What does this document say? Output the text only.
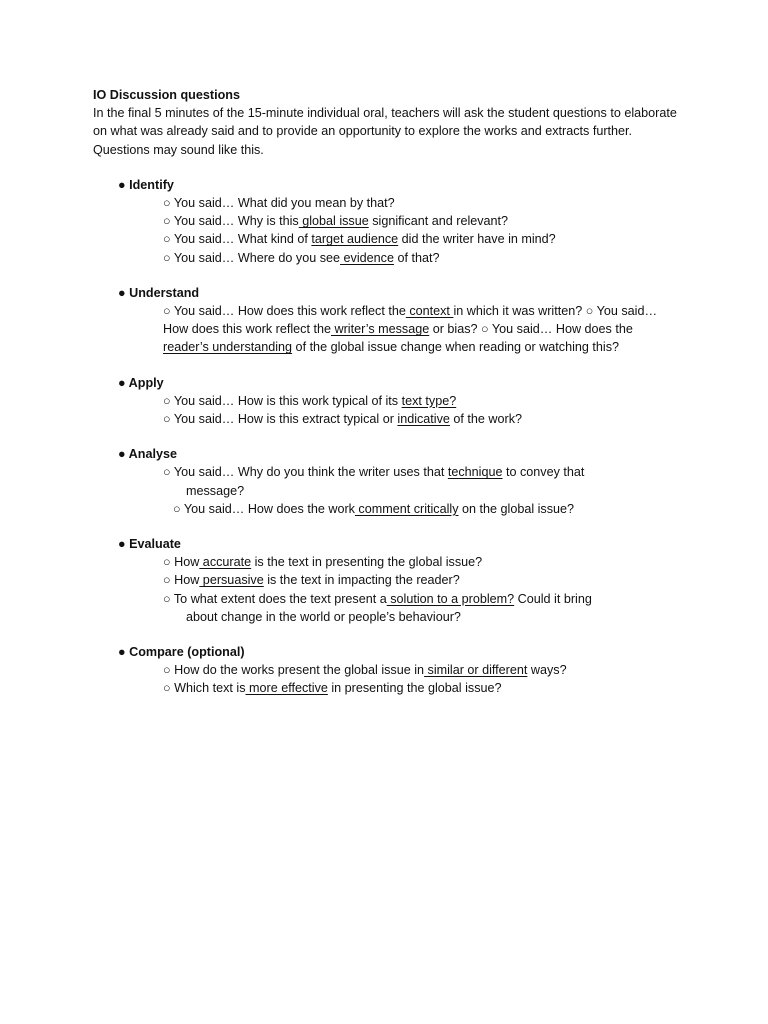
IO Discussion questions

In the final 5 minutes of the 15-minute individual oral, teachers will ask the student questions to elaborate on what was already said and to provide an opportunity to explore the works and extracts further. Questions may sound like this.

● Identify
○ You said… What did you mean by that?
○ You said… Why is this global issue significant and relevant?
○ You said… What kind of target audience did the writer have in mind?
○ You said… Where do you see evidence of that?
● Understand
○ You said… How does this work reflect the context in which it was written? ○ You said… How does this work reflect the writer’s message or bias? ○ You said… How does the reader’s understanding of the global issue change when reading or watching this?
● Apply
○ You said… How is this work typical of its text type?
○ You said… How is this extract typical or indicative of the work?
● Analyse
○ You said… Why do you think the writer uses that technique to convey that
message?
○ You said… How does the work comment critically on the global issue?
● Evaluate
○ How accurate is the text in presenting the global issue?
○ How persuasive is the text in impacting the reader?
○ To what extent does the text present a solution to a problem? Could it bring
about change in the world or people’s behaviour?
● Compare (optional)
○ How do the works present the global issue in similar or different ways?
○ Which text is more effective in presenting the global issue?
